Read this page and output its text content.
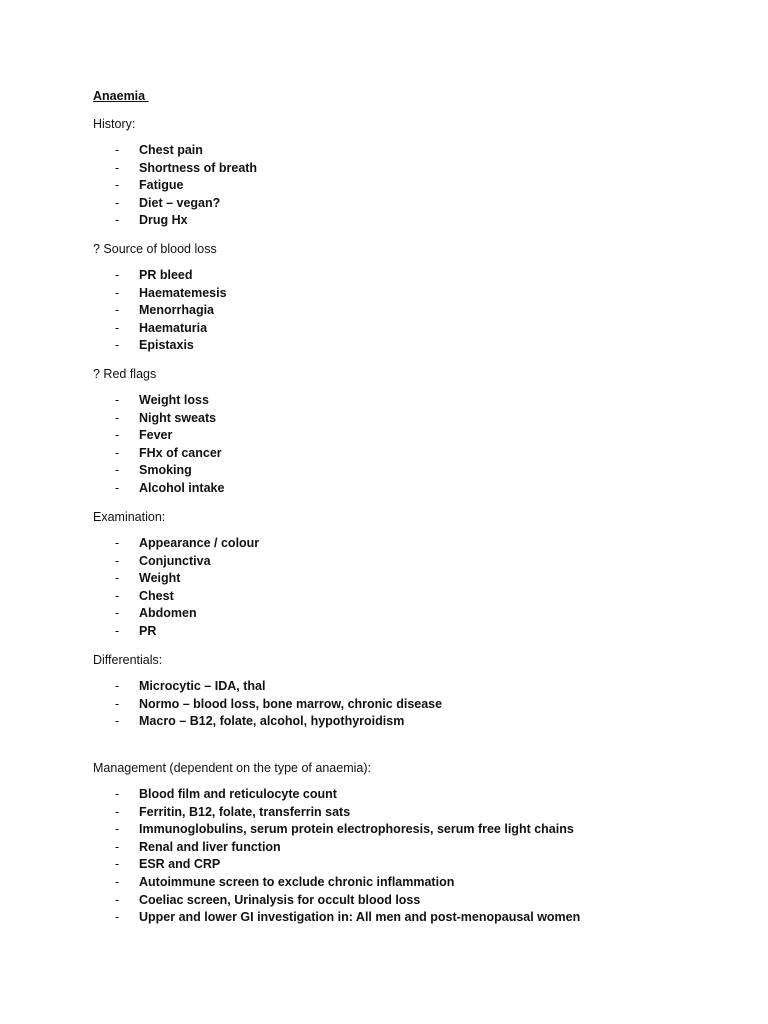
Anaemia
History:
- Chest pain
- Shortness of breath
- Fatigue
- Diet – vegan?
- Drug Hx
? Source of blood loss
- PR bleed
- Haematemesis
- Menorrhagia
- Haematuria
- Epistaxis
? Red flags
- Weight loss
- Night sweats
- Fever
- FHx of cancer
- Smoking
- Alcohol intake
Examination:
- Appearance / colour
- Conjunctiva
- Weight
- Chest
- Abdomen
- PR
Differentials:
- Microcytic – IDA, thal
- Normo – blood loss, bone marrow, chronic disease
- Macro – B12, folate, alcohol, hypothyroidism
Management (dependent on the type of anaemia):
- Blood film and reticulocyte count
- Ferritin, B12, folate, transferrin sats
- Immunoglobulins, serum protein electrophoresis, serum free light chains
- Renal and liver function
- ESR and CRP
- Autoimmune screen to exclude chronic inflammation
- Coeliac screen, Urinalysis for occult blood loss
- Upper and lower GI investigation in: All men and post-menopausal women
